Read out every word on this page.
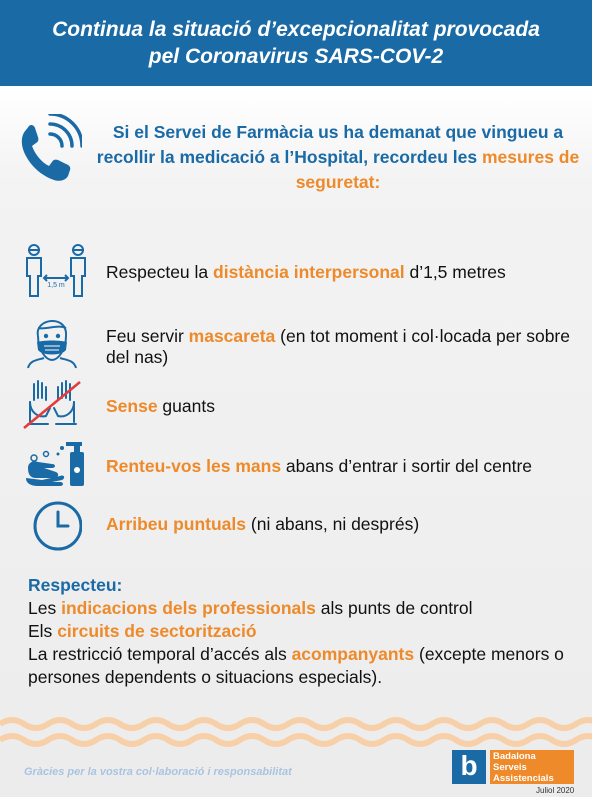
Continua la situació d’excepcionalitat provocada
pel Coronavirus SARS-COV-2
Si el Servei de Farmàcia us ha demanat que vingueu a recollir la medicació a l’Hospital, recordeu les mesures de seguretat:
1,5 m
Respecteu la distància interpersonal d’1,5 metres
Feu servir mascareta (en tot moment i col·locada per sobre del nas)
Sense guants
Renteu-vos les mans abans d’entrar i sortir del centre
Arribeu puntuals (ni abans, ni després)
Respecteu:
Les indicacions dels professionals als punts de control
Els circuits de sectorització
La restricció temporal d’accés als acompanyants (excepte menors o persones dependents o situacions especials).
Gràcies per la vostra col·laboració i responsabilitat	b	Badalona
Serveis
Assistencials
Juliol 2020
